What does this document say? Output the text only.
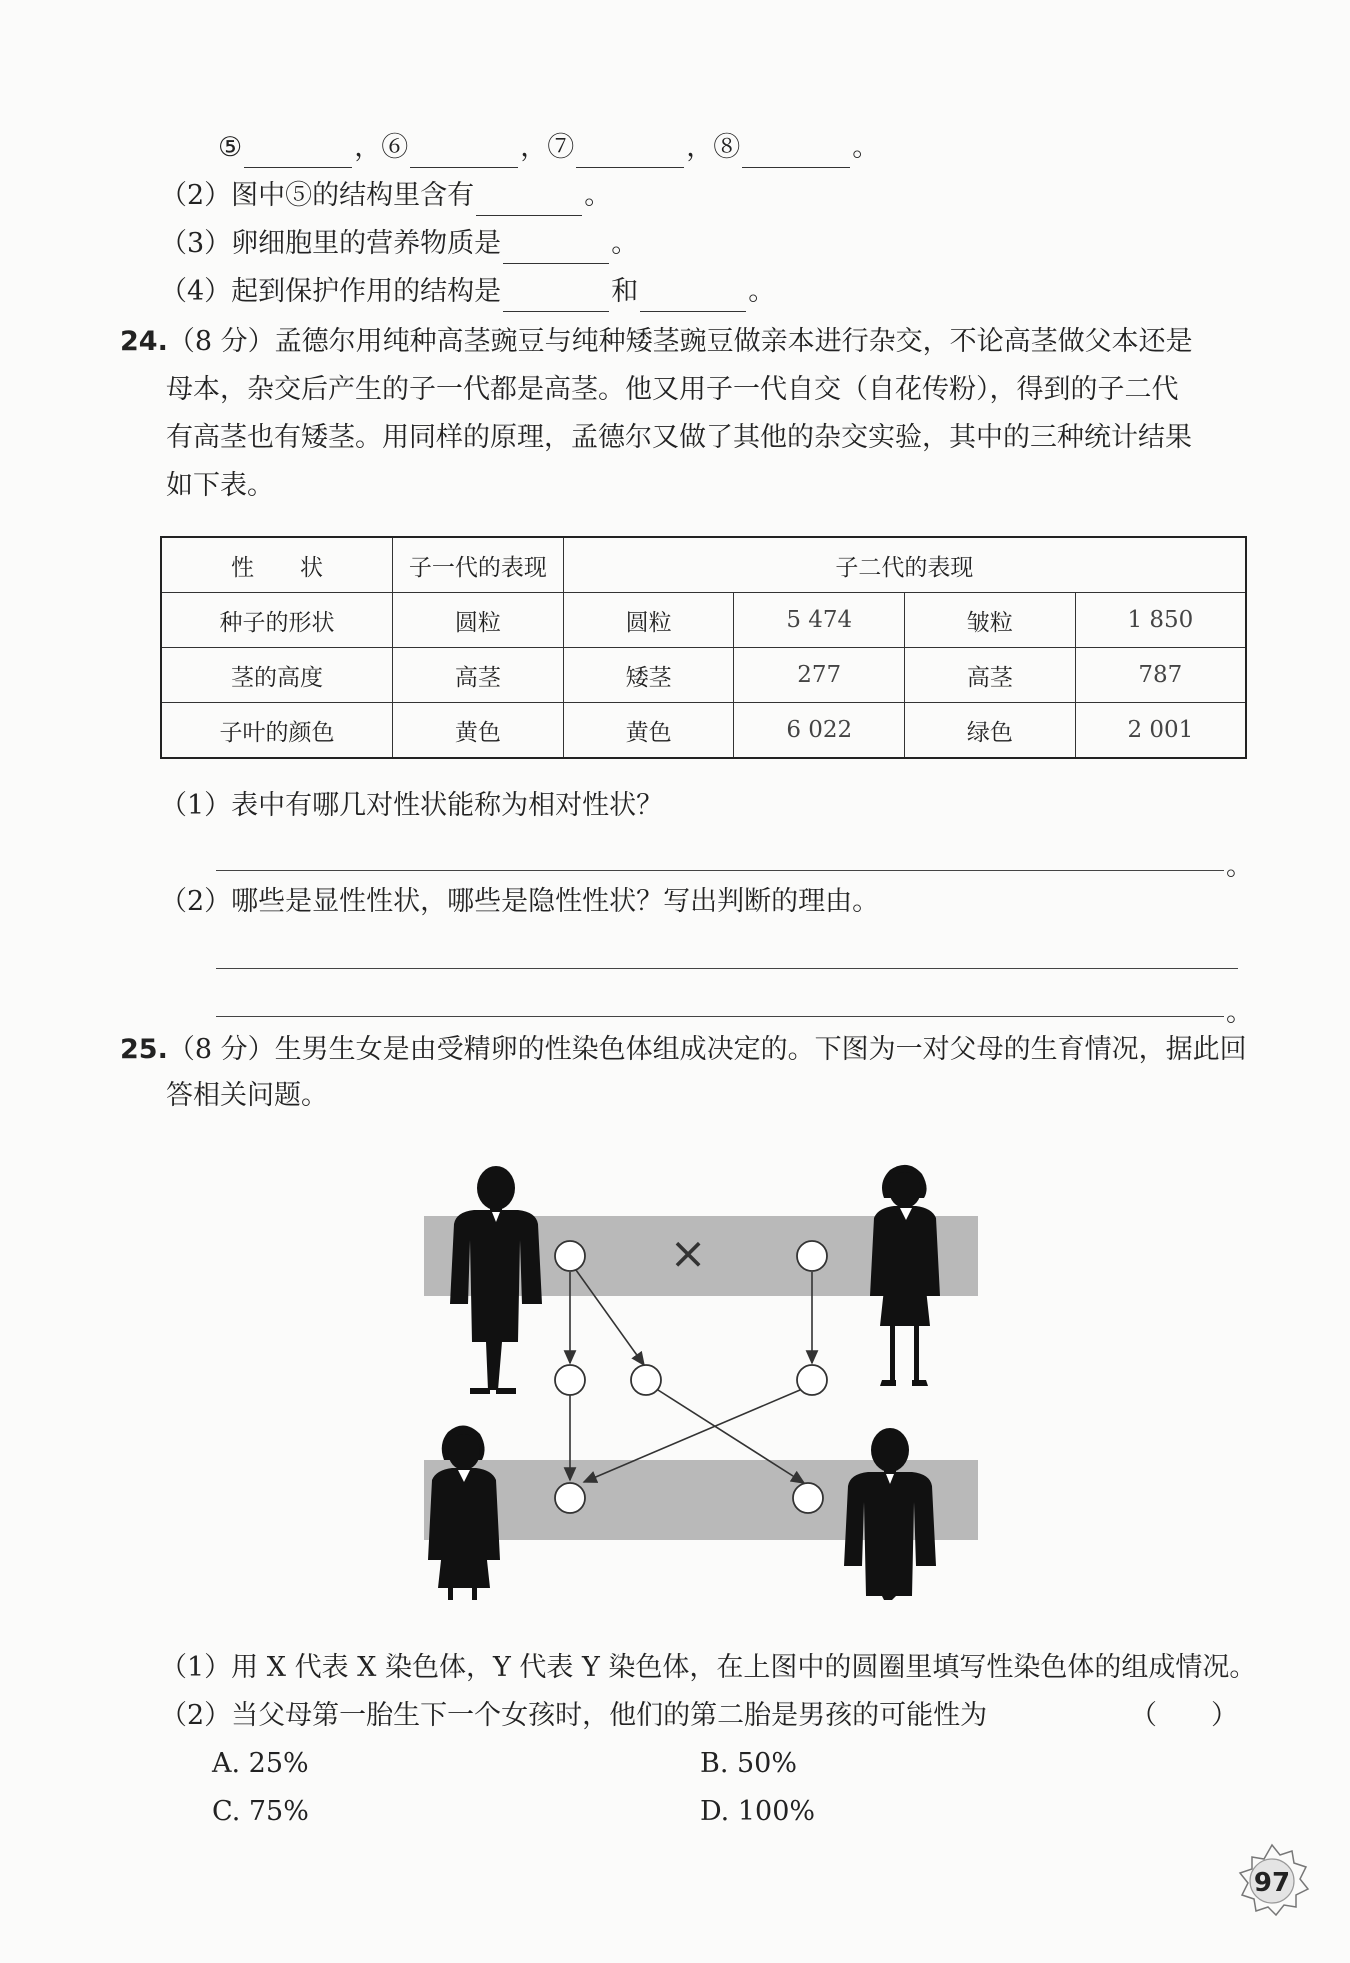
⑤	，⑥	，⑦	，⑧	。
（2）图中⑤的结构里含有	。
（3）卵细胞里的营养物质是	。
（4）起到保护作用的结构是	和	。
24.（8 分）孟德尔用纯种高茎豌豆与纯种矮茎豌豆做亲本进行杂交，不论高茎做父本还是
母本，杂交后产生的子一代都是高茎。他又用子一代自交（自花传粉），得到的子二代
有高茎也有矮茎。用同样的原理，孟德尔又做了其他的杂交实验，其中的三种统计结果
如下表。
性　　状	子一代的表现	子二代的表现			
种子的形状	圆粒	圆粒	5 474	皱粒	1 850
茎的高度	高茎	矮茎	277	高茎	787
子叶的颜色	黄色	黄色	6 022	绿色	2 001
（1）表中有哪几对性状能称为相对性状？
。
（2）哪些是显性性状，哪些是隐性性状？写出判断的理由。
。
25.（8 分）生男生女是由受精卵的性染色体组成决定的。下图为一对父母的生育情况，据此回
答相关问题。
×
（1）用 X 代表 X 染色体，Y 代表 Y 染色体，在上图中的圆圈里填写性染色体的组成情况。
（2）当父母第一胎生下一个女孩时，他们的第二胎是男孩的可能性为	（　　）
A. 25%	B. 50%
C. 75%	D. 100%
97
